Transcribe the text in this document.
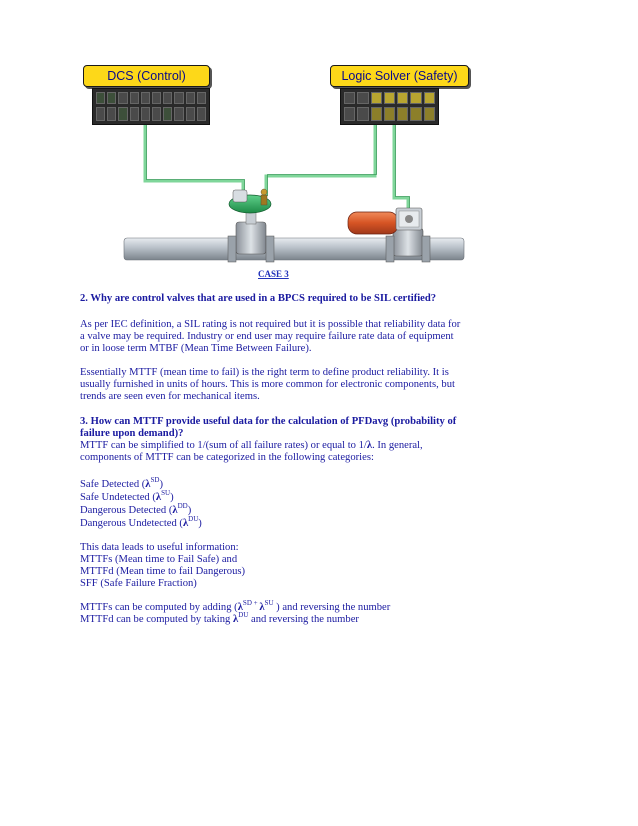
DCS (Control)	Logic Solver (Safety)
CASE 3
2. Why are control valves that are used in a BPCS required to be SIL certified?

As per IEC definition, a SIL rating is not required but it is possible that reliability data for

a valve may be required. Industry or end user may require failure rate data of equipment

or in loose term MTBF (Mean Time Between Failure).

Essentially MTTF (mean time to fail) is the right term to define product reliability. It is

usually furnished in units of hours. This is more common for electronic components, but

trends are seen even for mechanical items.

3. How can MTTF provide useful data for the calculation of PFDavg (probability of

failure upon demand)?

MTTF can be simplified to 1/(sum of all failure rates) or equal to 1/λ. In general,

components of MTTF can be categorized in the following categories:

Safe Detected $(\lambda^{SD})$

Safe Undetected $(\lambda^{SU})$

Dangerous Detected $(\lambda^{DD})$

Dangerous Undetected $(\lambda^{DU})$

This data leads to useful information:

MTTFs (Mean time to Fail Safe) and

MTTFd (Mean time to fail Dangerous)

SFF (Safe Failure Fraction)

MTTFs can be computed by adding ($\lambda^{SD}$ + $\lambda^{SU}$ ) and reversing the number

MTTFd can be computed by taking $\lambda^{DU}$ and reversing the number
